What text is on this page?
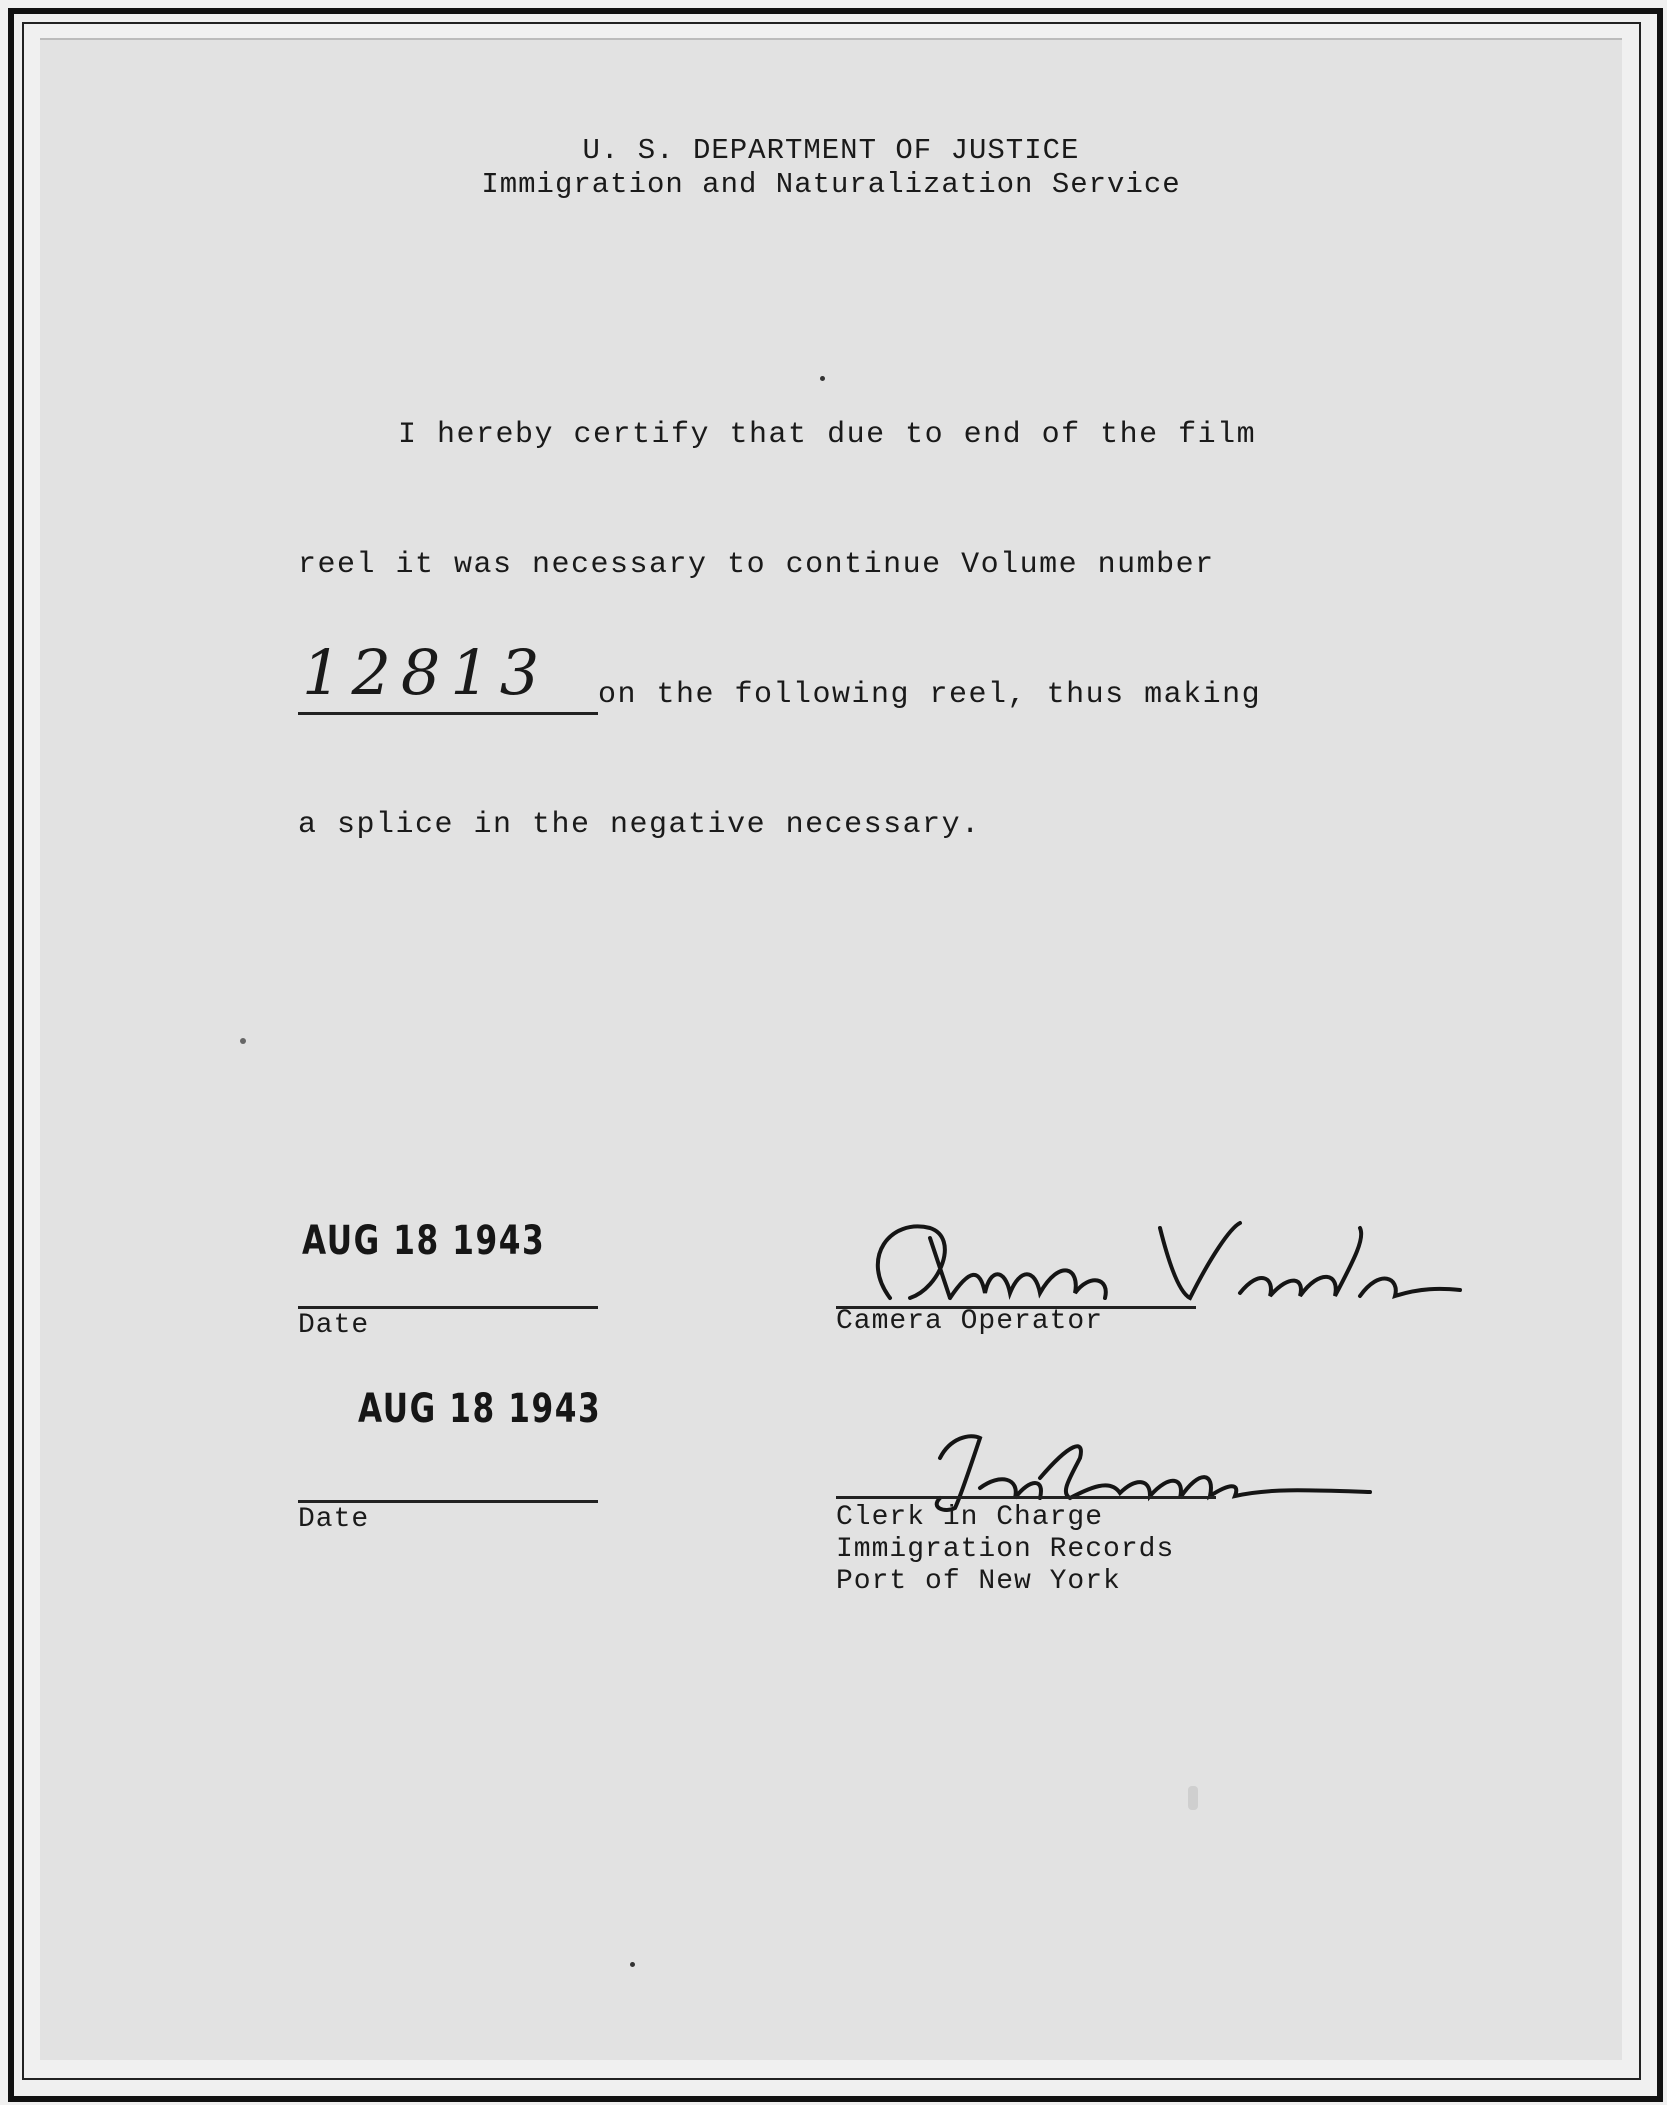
U. S. DEPARTMENT OF JUSTICE
Immigration and Naturalization Service
I hereby certify that due to end of the film
reel it was necessary to continue Volume number
12813 on the following reel, thus making
a splice in the negative necessary.
AUG 18 1943
Date	Camera Operator
AUG 18 1943
Date	Clerk in Charge
Immigration Records
Port of New York
